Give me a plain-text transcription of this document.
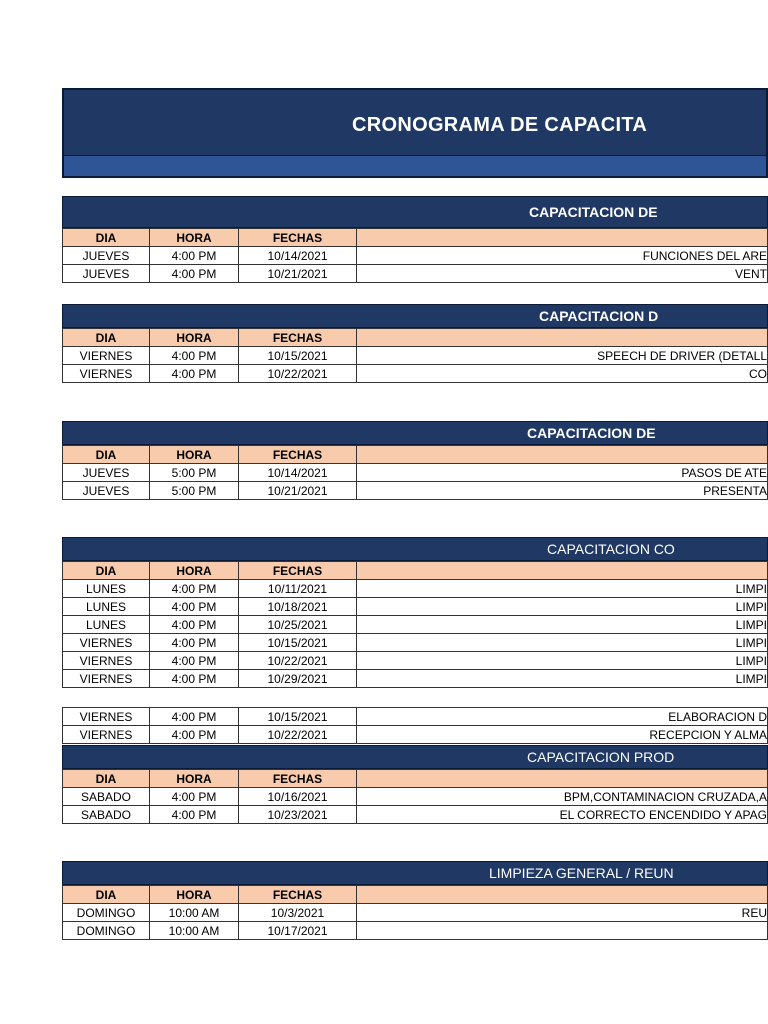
CRONOGRAMA DE CAPACITA
CAPACITACION DE
DIA	HORA	FECHAS	
JUEVES	4:00 PM	10/14/2021	FUNCIONES DEL ARE
JUEVES	4:00 PM	10/21/2021	VENT
CAPACITACION D
DIA	HORA	FECHAS	
VIERNES	4:00 PM	10/15/2021	SPEECH DE DRIVER (DETALL
VIERNES	4:00 PM	10/22/2021	CO
CAPACITACION DE
DIA	HORA	FECHAS	
JUEVES	5:00 PM	10/14/2021	PASOS DE ATE
JUEVES	5:00 PM	10/21/2021	PRESENTA
CAPACITACION CO
DIA	HORA	FECHAS	
LUNES	4:00 PM	10/11/2021	LIMPI
LUNES	4:00 PM	10/18/2021	LIMPI
LUNES	4:00 PM	10/25/2021	LIMPI
VIERNES	4:00 PM	10/15/2021	LIMPI
VIERNES	4:00 PM	10/22/2021	LIMPI
VIERNES	4:00 PM	10/29/2021	LIMPI
VIERNES	4:00 PM	10/15/2021	ELABORACION D
VIERNES	4:00 PM	10/22/2021	RECEPCION Y ALMA
CAPACITACION PROD
DIA	HORA	FECHAS	
SABADO	4:00 PM	10/16/2021	BPM,CONTAMINACION CRUZADA,A
SABADO	4:00 PM	10/23/2021	EL CORRECTO ENCENDIDO Y APAG
LIMPIEZA GENERAL / REUN
DIA	HORA	FECHAS	
DOMINGO	10:00 AM	10/3/2021	REU
DOMINGO	10:00 AM	10/17/2021	
